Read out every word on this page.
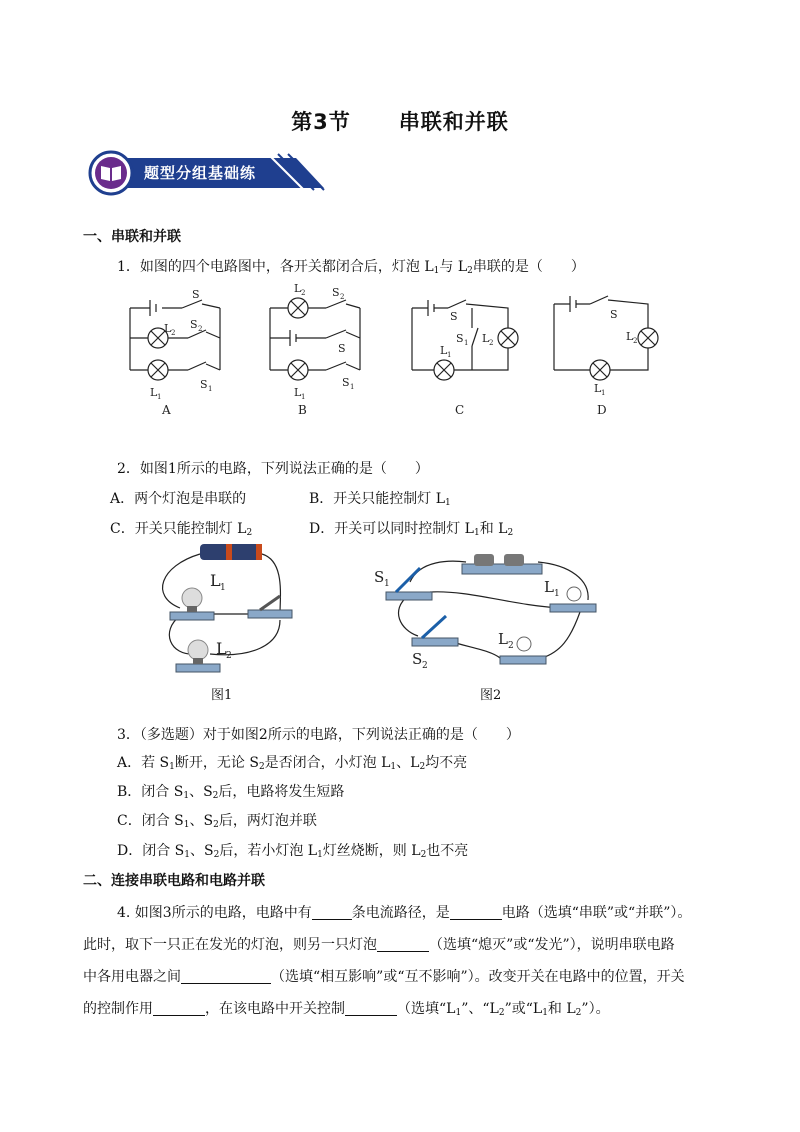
第3节 串联和并联
题型分组基础练
一、串联和并联
1．如图的四个电路图中，各开关都闭合后，灯泡 $L_1$与 $L_2$串联的是（　　）
S
S 2
L 2
L 1
S 1
L 2 S 2
S
L 1
S 1
S
S 1
L 1
L 2
S
L 2
L 1
A	B	C	D
2．如图1所示的电路，下列说法正确的是（　　）
A．两个灯泡是串联的	B．开关只能控制灯 $L_1$
C．开关只能控制灯 $L_2$	D．开关可以同时控制灯 $L_1$和 $L_2$
L 1
L 2
图1
S 1	L 1
L 2
S 2
图2
3．（多选题）对于如图2所示的电路，下列说法正确的是（　　）
A．若 $S_1$断开，无论 $S_2$是否闭合，小灯泡 $L_1$、$L_2$均不亮
B．闭合 $S_1$、$S_2$后，电路将发生短路
C．闭合 $S_1$、$S_2$后，两灯泡并联
D．闭合 $S_1$、$S_2$后，若小灯泡 $L_1$灯丝烧断，则 $L_2$也不亮
二、连接串联电路和电路并联
4. 如图3所示的电路，电路中有	条电流路径，是	电路（选填“串联”或“并联”）。
此时，取下一只正在发光的灯泡，则另一只灯泡	（选填“熄灭”或“发光”），说明串联电路
中各用电器之间	（选填“相互影响”或“互不影响”）。改变开关在电路中的位置，开关
的控制作用	，在该电路中开关控制	（选填“$L_1$”、“$L_2$”或“$L_1$和 $L_2$”）。
